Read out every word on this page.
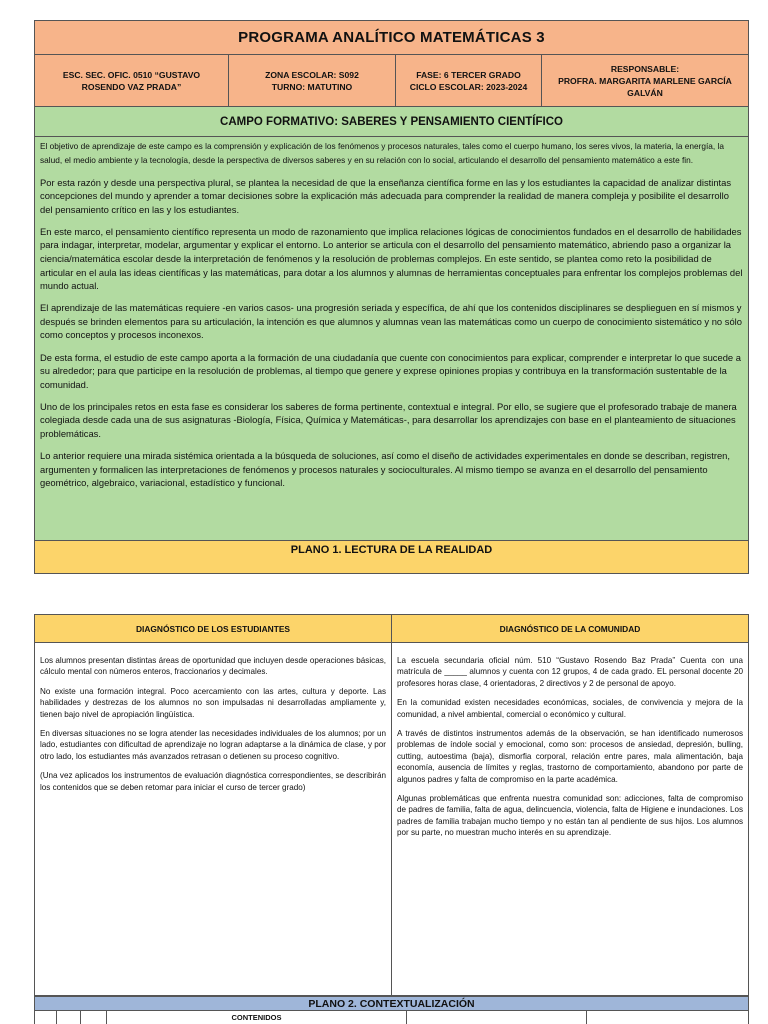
PROGRAMA ANALÍTICO MATEMÁTICAS 3
ESC. SEC. OFIC. 0510 “GUSTAVO
ROSENDO VAZ PRADA”
ZONA ESCOLAR: S092
TURNO: MATUTINO
FASE: 6 TERCER GRADO
CICLO ESCOLAR: 2023-2024
RESPONSABLE:
PROFRA. MARGARITA MARLENE GARCÍA
GALVÁN
CAMPO FORMATIVO: SABERES Y PENSAMIENTO CIENTÍFICO

El objetivo de aprendizaje de este campo es la comprensión y explicación de los fenómenos y procesos naturales, tales como el cuerpo humano, los seres vivos, la materia, la energía, la salud, el medio ambiente y la tecnología, desde la perspectiva de diversos saberes y en su relación con lo social, articulando el desarrollo del pensamiento matemático a este fin.

Por esta razón y desde una perspectiva plural, se plantea la necesidad de que la enseñanza científica forme en las y los estudiantes la capacidad de analizar distintas concepciones del mundo y aprender a tomar decisiones sobre la explicación más adecuada para comprender la realidad de manera compleja y posibilite el desarrollo del pensamiento crítico en las y los estudiantes.

En este marco, el pensamiento científico representa un modo de razonamiento que implica relaciones lógicas de conocimientos fundados en el desarrollo de habilidades para indagar, interpretar, modelar, argumentar y explicar el entorno. Lo anterior se articula con el desarrollo del pensamiento matemático, abriendo paso a organizar la ciencia/matemática escolar desde la interpretación de fenómenos y la resolución de problemas complejos. En este sentido, se plantea como reto la posibilidad de articular en el aula las ideas científicas y las matemáticas, para dotar a los alumnos y alumnas de herramientas conceptuales para enfrentar los complejos problemas del mundo actual.

El aprendizaje de las matemáticas requiere -en varios casos- una progresión seriada y específica, de ahí que los contenidos disciplinares se desplieguen en sí mismos y después se brinden elementos para su articulación, la intención es que alumnos y alumnas vean las matemáticas como un cuerpo de conocimiento sistemático y no sólo como conceptos y procesos inconexos.

De esta forma, el estudio de este campo aporta a la formación de una ciudadanía que cuente con conocimientos para explicar, comprender e interpretar lo que sucede a su alrededor; para que participe en la resolución de problemas, al tiempo que genere y exprese opiniones propias y contribuya en la transformación sustentable de la comunidad.

Uno de los principales retos en esta fase es considerar los saberes de forma pertinente, contextual e integral. Por ello, se sugiere que el profesorado trabaje de manera colegiada desde cada una de sus asignaturas -Biología, Física, Química y Matemáticas-, para desarrollar los aprendizajes con base en el planteamiento de situaciones problemáticas.

Lo anterior requiere una mirada sistémica orientada a la búsqueda de soluciones, así como el diseño de actividades experimentales en donde se describan, registren, argumenten y formalicen las interpretaciones de fenómenos y procesos naturales y socioculturales. Al mismo tiempo se avanza en el desarrollo del pensamiento geométrico, algebraico, variacional, estadístico y funcional.

PLANO 1. LECTURA DE LA REALIDAD
DIAGNÓSTICO DE LOS ESTUDIANTES	DIAGNÓSTICO DE LA COMUNIDAD

Los alumnos presentan distintas áreas de oportunidad que incluyen desde operaciones básicas, cálculo mental con números enteros, fraccionarios y decimales.

No existe una formación integral. Poco acercamiento con las artes, cultura y deporte. Las habilidades y destrezas de los alumnos no son impulsadas ni desarrolladas ampliamente y, tienen bajo nivel de apropiación lingüística.

En diversas situaciones no se logra atender las necesidades individuales de los alumnos; por un lado, estudiantes con dificultad de aprendizaje no logran adaptarse a la dinámica de clase, y por otro lado, los estudiantes más avanzados retrasan o detienen su proceso cognitivo.

(Una vez aplicados los instrumentos de evaluación diagnóstica correspondientes, se describirán los contenidos que se deben retomar para iniciar el curso de tercer grado)

La escuela secundaria oficial núm. 510 “Gustavo Rosendo Baz Prada” Cuenta con una matrícula de _____ alumnos y cuenta con 12 grupos, 4 de cada grado. EL personal docente 20 profesores horas clase, 4 orientadoras, 2 directivos y 2 de personal de apoyo.

En la comunidad existen necesidades económicas, sociales, de convivencia y mejora de la comunidad, a nivel ambiental, comercial o económico y cultural.

A través de distintos instrumentos además de la observación, se han identificado numerosos problemas de índole social y emocional, como son: procesos de ansiedad, depresión, bulling, cutting, autoestima (baja), dismorfia corporal, relación entre pares, mala alimentación, baja economía, ausencia de límites y reglas, trastorno de comportamiento, abandono por parte de algunos padres y falta de compromiso en la parte académica.

Algunas problemáticas que enfrenta nuestra comunidad son: adicciones, falta de compromiso de padres de familia, falta de agua, delincuencia, violencia, falta de Higiene e inundaciones. Los padres de familia trabajan mucho tiempo y no están tan al pendiente de sus hijos. Los alumnos por su parte, no muestran mucho interés en su aprendizaje.

PLANO 2. CONTEXTUALIZACIÓN
CONTENIDOS
